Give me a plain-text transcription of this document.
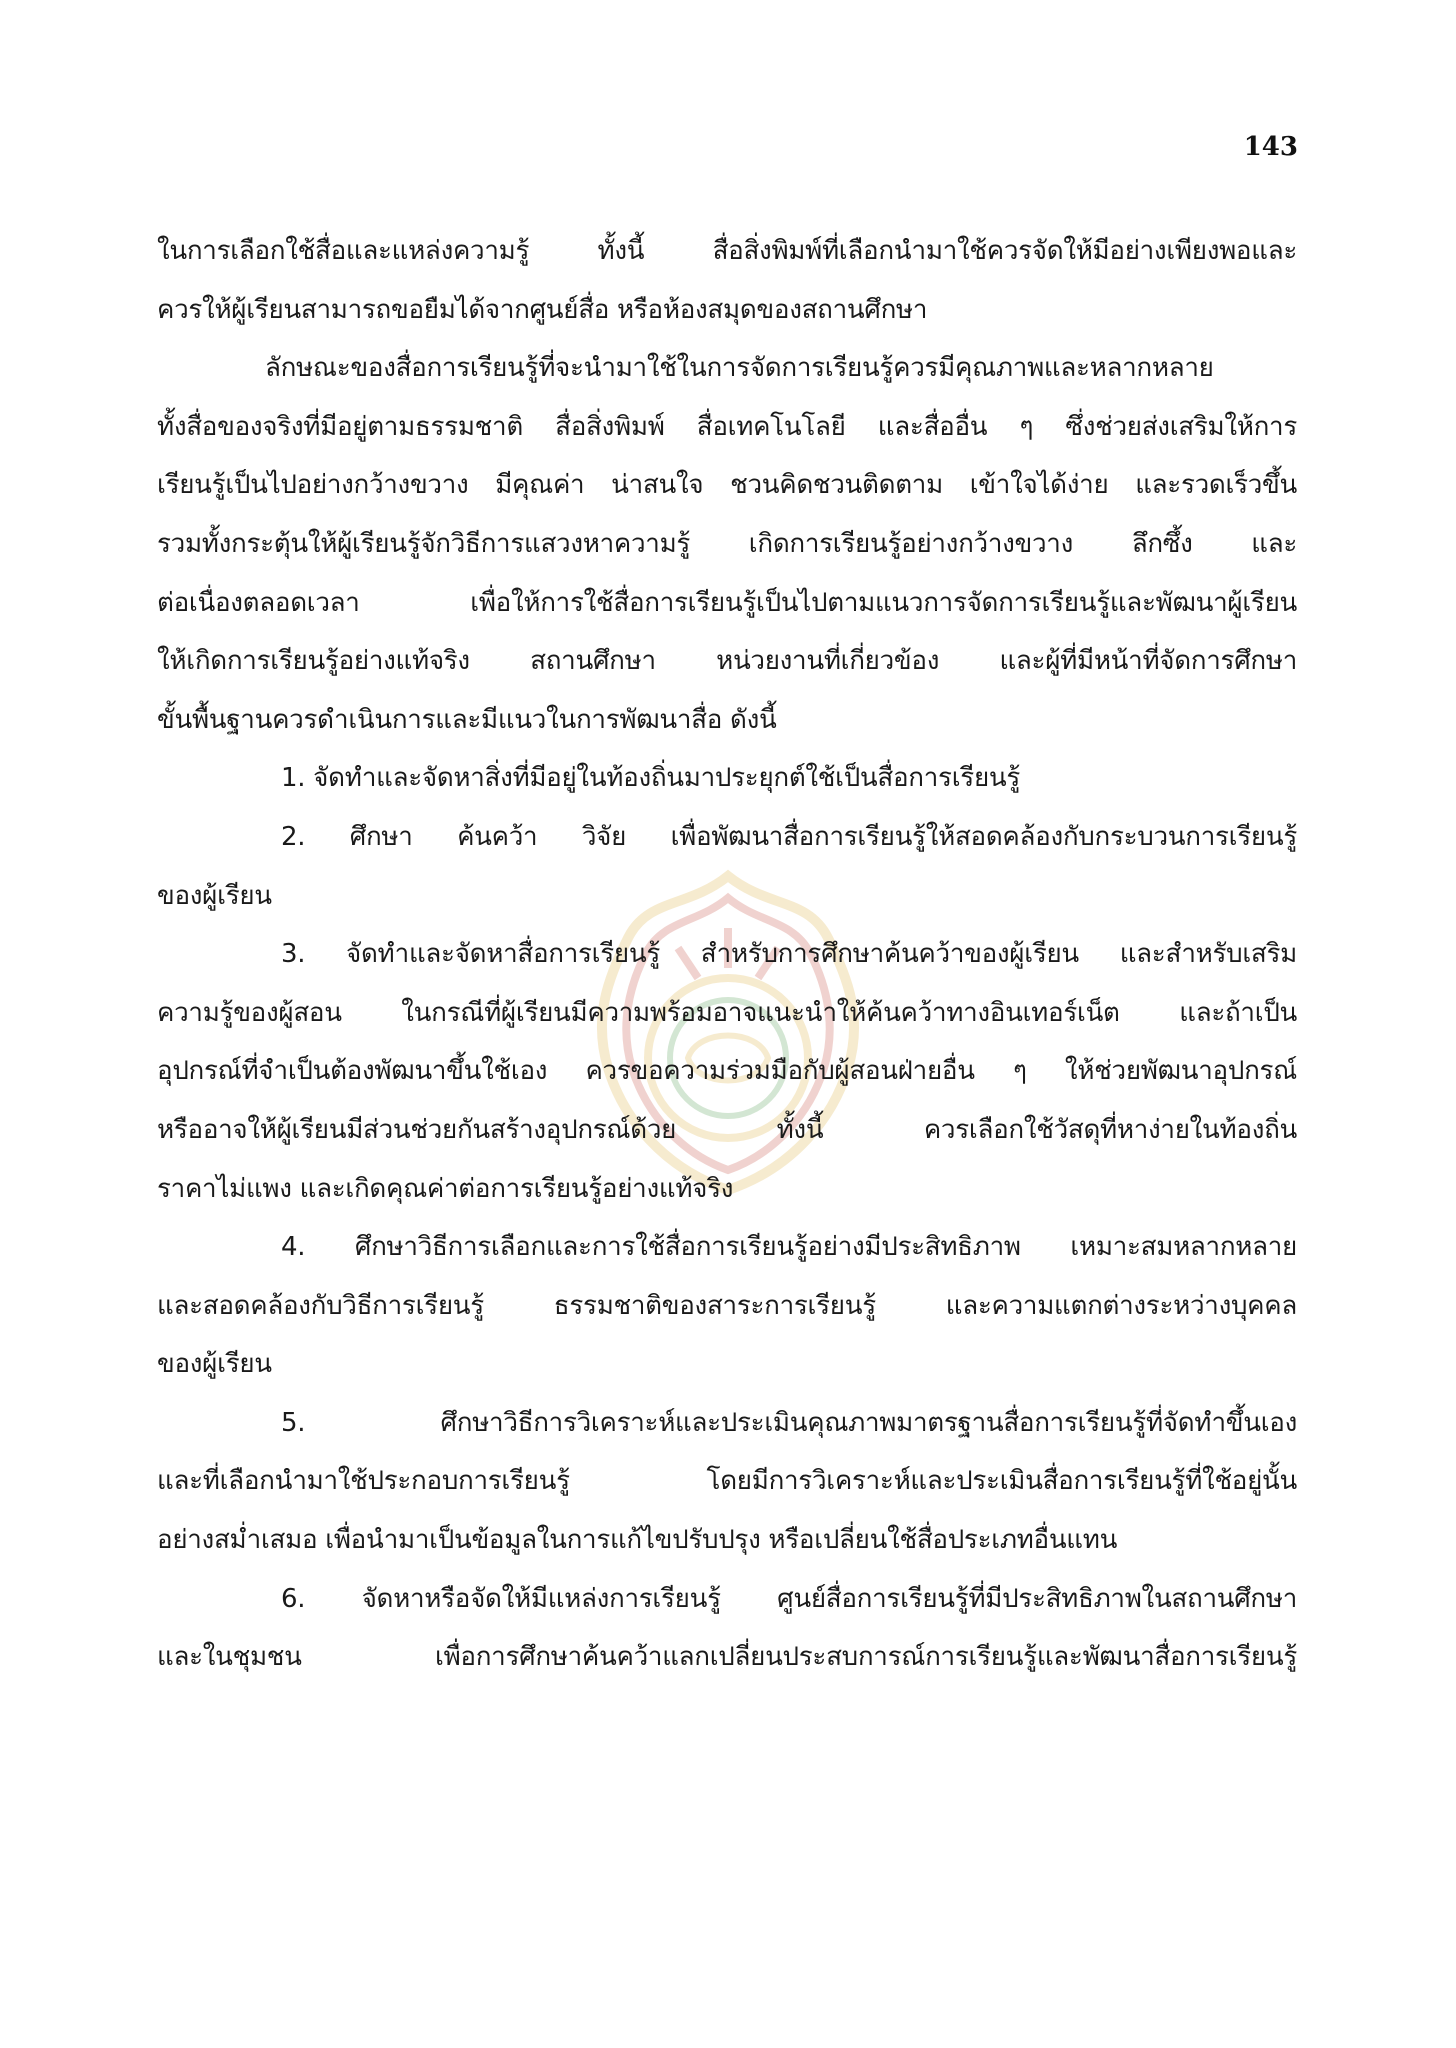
143
ในการเลือกใช้สื่อและแหล่งความรู้ ทั้งนี้ สื่อสิ่งพิมพ์ที่เลือกนำมาใช้ควรจัดให้มีอย่างเพียงพอและ
ควรให้ผู้เรียนสามารถขอยืมได้จากศูนย์สื่อ หรือห้องสมุดของสถานศึกษา
ลักษณะของสื่อการเรียนรู้ที่จะนำมาใช้ในการจัดการเรียนรู้ควรมีคุณภาพและหลากหลาย
ทั้งสื่อของจริงที่มีอยู่ตามธรรมชาติ สื่อสิ่งพิมพ์ สื่อเทคโนโลยี และสื่ออื่น ๆ ซึ่งช่วยส่งเสริมให้การ
เรียนรู้เป็นไปอย่างกว้างขวาง มีคุณค่า น่าสนใจ ชวนคิดชวนติดตาม เข้าใจได้ง่าย และรวดเร็วขึ้น
รวมทั้งกระตุ้นให้ผู้เรียนรู้จักวิธีการแสวงหาความรู้ เกิดการเรียนรู้อย่างกว้างขวาง ลึกซึ้ง และ
ต่อเนื่องตลอดเวลา เพื่อให้การใช้สื่อการเรียนรู้เป็นไปตามแนวการจัดการเรียนรู้และพัฒนาผู้เรียน
ให้เกิดการเรียนรู้อย่างแท้จริง สถานศึกษา หน่วยงานที่เกี่ยวข้อง และผู้ที่มีหน้าที่จัดการศึกษา
ขั้นพื้นฐานควรดำเนินการและมีแนวในการพัฒนาสื่อ ดังนี้
1. จัดทำและจัดหาสิ่งที่มีอยู่ในท้องถิ่นมาประยุกต์ใช้เป็นสื่อการเรียนรู้
2. ศึกษา ค้นคว้า วิจัย เพื่อพัฒนาสื่อการเรียนรู้ให้สอดคล้องกับกระบวนการเรียนรู้
ของผู้เรียน
3. จัดทำและจัดหาสื่อการเรียนรู้ สำหรับการศึกษาค้นคว้าของผู้เรียน และสำหรับเสริม
ความรู้ของผู้สอน ในกรณีที่ผู้เรียนมีความพร้อมอาจแนะนำให้ค้นคว้าทางอินเทอร์เน็ต และถ้าเป็น
อุปกรณ์ที่จำเป็นต้องพัฒนาขึ้นใช้เอง ควรขอความร่วมมือกับผู้สอนฝ่ายอื่น ๆ ให้ช่วยพัฒนาอุปกรณ์
หรืออาจให้ผู้เรียนมีส่วนช่วยกันสร้างอุปกรณ์ด้วย ทั้งนี้ ควรเลือกใช้วัสดุที่หาง่ายในท้องถิ่น
ราคาไม่แพง และเกิดคุณค่าต่อการเรียนรู้อย่างแท้จริง
4. ศึกษาวิธีการเลือกและการใช้สื่อการเรียนรู้อย่างมีประสิทธิภาพ เหมาะสมหลากหลาย
และสอดคล้องกับวิธีการเรียนรู้ ธรรมชาติของสาระการเรียนรู้ และความแตกต่างระหว่างบุคคล
ของผู้เรียน
5. ศึกษาวิธีการวิเคราะห์และประเมินคุณภาพมาตรฐานสื่อการเรียนรู้ที่จัดทำขึ้นเอง
และที่เลือกนำมาใช้ประกอบการเรียนรู้ โดยมีการวิเคราะห์และประเมินสื่อการเรียนรู้ที่ใช้อยู่นั้น
อย่างสม่ำเสมอ เพื่อนำมาเป็นข้อมูลในการแก้ไขปรับปรุง หรือเปลี่ยนใช้สื่อประเภทอื่นแทน
6. จัดหาหรือจัดให้มีแหล่งการเรียนรู้ ศูนย์สื่อการเรียนรู้ที่มีประสิทธิภาพในสถานศึกษา
และในชุมชน เพื่อการศึกษาค้นคว้าแลกเปลี่ยนประสบการณ์การเรียนรู้และพัฒนาสื่อการเรียนรู้
